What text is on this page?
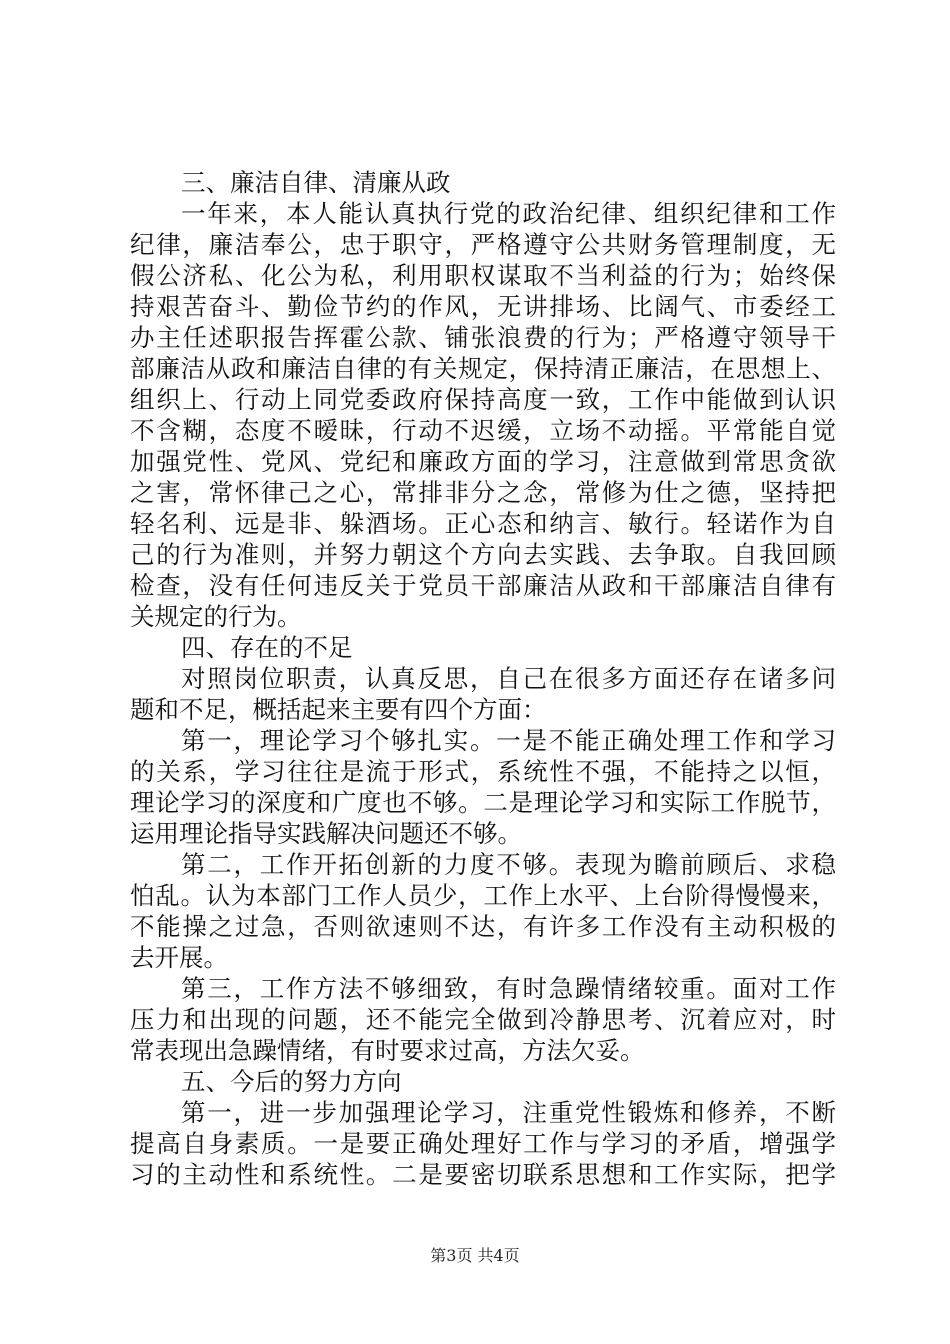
三、廉洁自律、清廉从政
一年来，本人能认真执行党的政治纪律、组织纪律和工作
纪律，廉洁奉公，忠于职守，严格遵守公共财务管理制度，无
假公济私、化公为私，利用职权谋取不当利益的行为；始终保
持艰苦奋斗、勤俭节约的作风，无讲排场、比阔气、市委经工
办主任述职报告挥霍公款、铺张浪费的行为；严格遵守领导干
部廉洁从政和廉洁自律的有关规定，保持清正廉洁，在思想上、
组织上、行动上同党委政府保持高度一致，工作中能做到认识
不含糊，态度不暧昧，行动不迟缓，立场不动摇。平常能自觉
加强党性、党风、党纪和廉政方面的学习，注意做到常思贪欲
之害，常怀律己之心，常排非分之念，常修为仕之德，坚持把
轻名利、远是非、躲酒场。正心态和纳言、敏行。轻诺作为自
己的行为准则，并努力朝这个方向去实践、去争取。自我回顾
检查，没有任何违反关于党员干部廉洁从政和干部廉洁自律有
关规定的行为。
四、存在的不足
对照岗位职责，认真反思，自己在很多方面还存在诸多问
题和不足，概括起来主要有四个方面：
第一，理论学习个够扎实。一是不能正确处理工作和学习
的关系，学习往往是流于形式，系统性不强，不能持之以恒，
理论学习的深度和广度也不够。二是理论学习和实际工作脱节，
运用理论指导实践解决问题还不够。
第二，工作开拓创新的力度不够。表现为瞻前顾后、求稳
怕乱。认为本部门工作人员少，工作上水平、上台阶得慢慢来，
不能操之过急，否则欲速则不达，有许多工作没有主动积极的
去开展。
第三，工作方法不够细致，有时急躁情绪较重。面对工作
压力和出现的问题，还不能完全做到冷静思考、沉着应对，时
常表现出急躁情绪，有时要求过高，方法欠妥。
五、今后的努力方向
第一，进一步加强理论学习，注重党性锻炼和修养，不断
提高自身素质。一是要正确处理好工作与学习的矛盾，增强学
习的主动性和系统性。二是要密切联系思想和工作实际，把学
第3页 共4页
